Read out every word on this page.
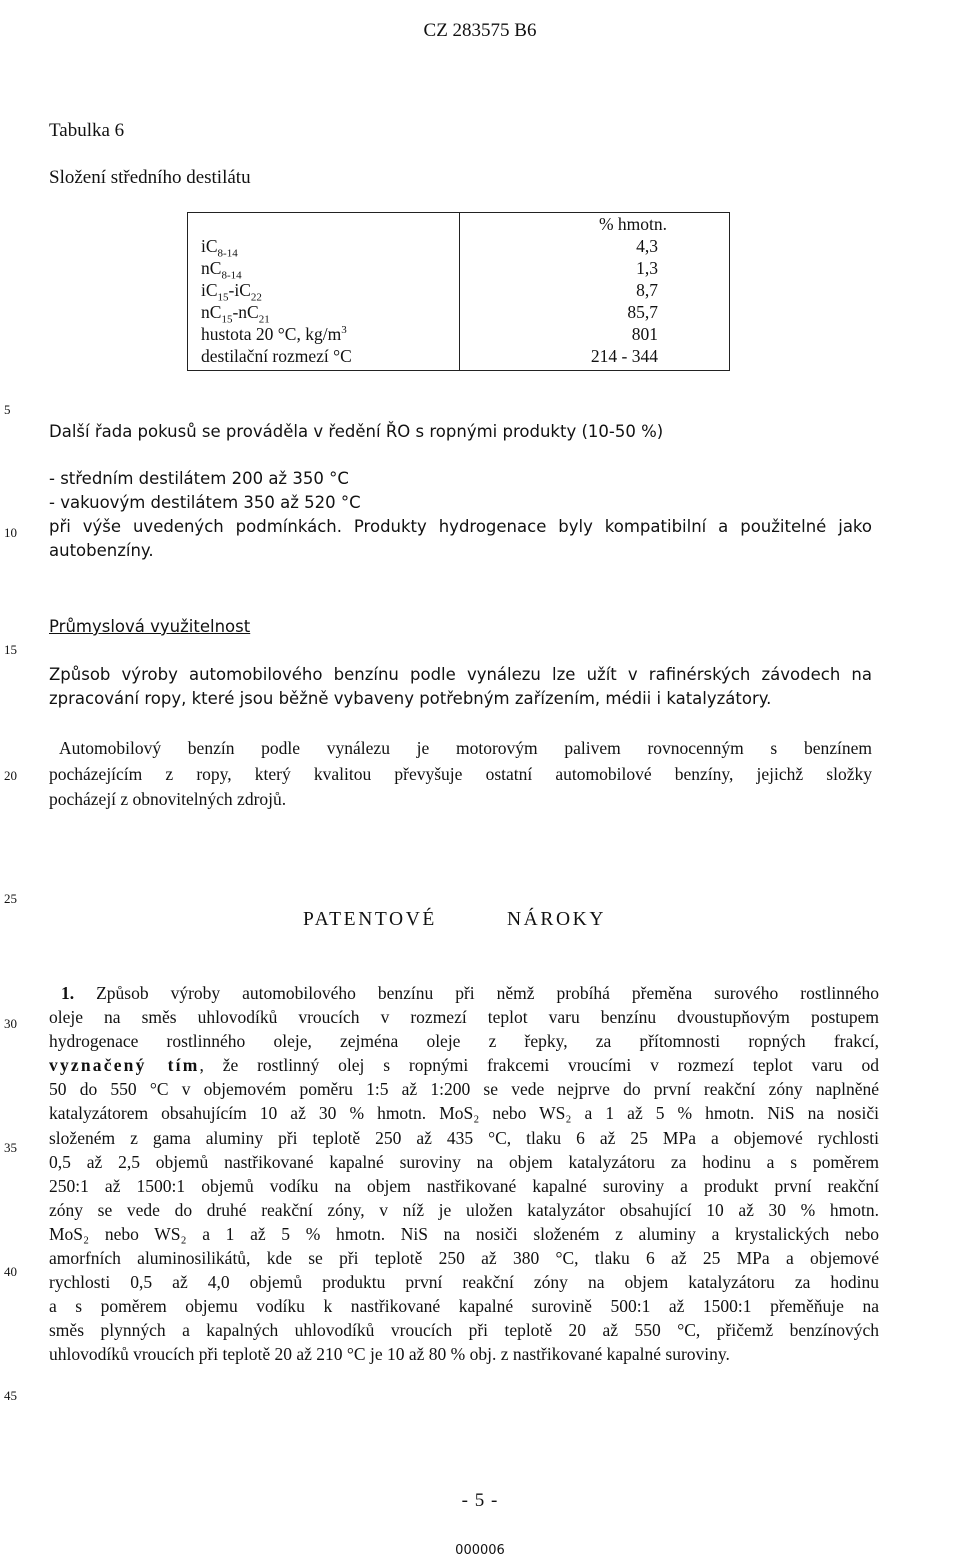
CZ 283575 B6
Tabulka 6
Složení středního destilátu
	% hmotn.
$iC_{8-14}$	4,3
$nC_{8-14}$	1,3
$iC_{15}-iC_{22}$	8,7
$nC_{15}-nC_{21}$	85,7
hustota 20 °C, $kg/m^3$	801
destilační rozmezí °C	214 - 344
5
10
15
20
25
30
35
40
45
Další řada pokusů se prováděla v ředění ŘO s ropnými produkty (10-50 %)
- středním destilátem 200 až 350 °C
- vakuovým destilátem 350 až 520 °C
při výše uvedených podmínkách. Produkty hydrogenace byly kompatibilní a použitelné jako
autobenzíny.
Průmyslová využitelnost
Způsob výroby automobilového benzínu podle vynálezu lze užít v rafinérských závodech na
zpracování ropy, které jsou běžně vybaveny potřebným zařízením, médii i katalyzátory.
Automobilový benzín podle vynálezu je motorovým palivem rovnocenným s benzínem
pocházejícím z ropy, který kvalitou převyšuje ostatní automobilové benzíny, jejichž složky
pocházejí z obnovitelných zdrojů.
PATENTOVÉ	NÁROKY
1. Způsob výroby automobilového benzínu při němž probíhá přeměna surového rostlinného
oleje na směs uhlovodíků vroucích v rozmezí teplot varu benzínu dvoustupňovým postupem
hydrogenace rostlinného oleje, zejména oleje z řepky, za přítomnosti ropných frakcí,
vyznačený tím, že rostlinný olej s ropnými frakcemi vroucími v rozmezí teplot varu od
50 do 550 °C v objemovém poměru 1:5 až 1:200 se vede nejprve do první reakční zóny naplněné
katalyzátorem obsahujícím 10 až 30 % hmotn. MoS₂ nebo WS₂ a 1 až 5 % hmotn. NiS na nosiči
složeném z gama aluminy při teplotě 250 až 435 °C, tlaku 6 až 25 MPa a objemové rychlosti
0,5 až 2,5 objemů nastřikované kapalné suroviny na objem katalyzátoru za hodinu a s poměrem
250:1 až 1500:1 objemů vodíku na objem nastřikované kapalné suroviny a produkt první reakční
zóny se vede do druhé reakční zóny, v níž je uložen katalyzátor obsahující 10 až 30 % hmotn.
MoS₂ nebo WS₂ a 1 až 5 % hmotn. NiS na nosiči složeném z aluminy a krystalických nebo
amorfních aluminosilikátů, kde se při teplotě 250 až 380 °C, tlaku 6 až 25 MPa a objemové
rychlosti 0,5 až 4,0 objemů produktu první reakční zóny na objem katalyzátoru za hodinu
a s poměrem objemu vodíku k nastřikované kapalné surovině 500:1 až 1500:1 přeměňuje na
směs plynných a kapalných uhlovodíků vroucích při teplotě 20 až 550 °C, přičemž benzínových
uhlovodíků vroucích při teplotě 20 až 210 °C je 10 až 80 % obj. z nastřikované kapalné suroviny.
- 5 -
000006
